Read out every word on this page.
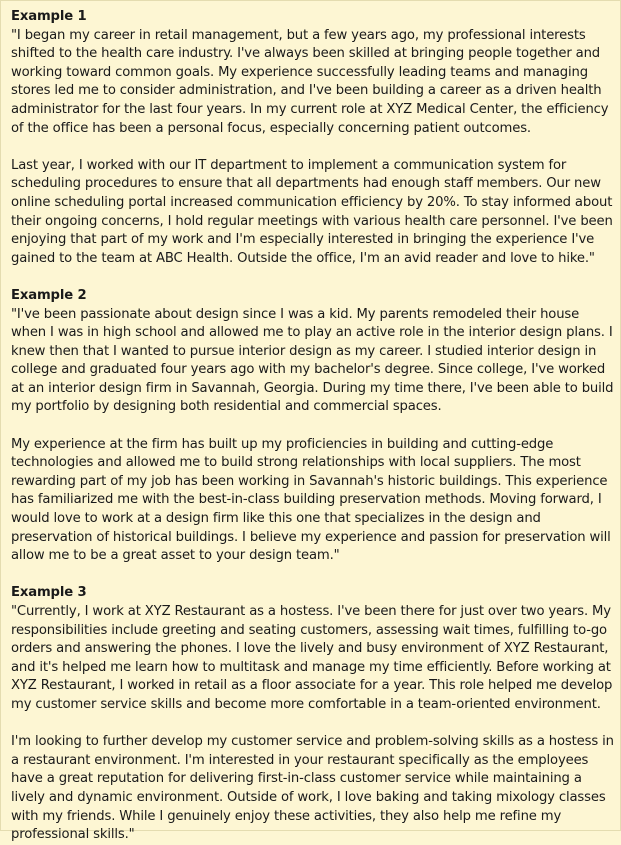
Example 1

"I began my career in retail management, but a few years ago, my professional interests shifted to the health care industry. I've always been skilled at bringing people together and working toward common goals. My experience successfully leading teams and managing stores led me to consider administration, and I've been building a career as a driven health administrator for the last four years. In my current role at XYZ Medical Center, the efficiency of the office has been a personal focus, especially concerning patient outcomes.

Last year, I worked with our IT department to implement a communication system for scheduling procedures to ensure that all departments had enough staff members. Our new online scheduling portal increased communication efficiency by 20%. To stay informed about their ongoing concerns, I hold regular meetings with various health care personnel. I've been enjoying that part of my work and I'm especially interested in bringing the experience I've gained to the team at ABC Health. Outside the office, I'm an avid reader and love to hike."

Example 2

"I've been passionate about design since I was a kid. My parents remodeled their house when I was in high school and allowed me to play an active role in the interior design plans. I knew then that I wanted to pursue interior design as my career. I studied interior design in college and graduated four years ago with my bachelor's degree. Since college, I've worked at an interior design firm in Savannah, Georgia. During my time there, I've been able to build my portfolio by designing both residential and commercial spaces.

My experience at the firm has built up my proficiencies in building and cutting-edge technologies and allowed me to build strong relationships with local suppliers. The most rewarding part of my job has been working in Savannah's historic buildings. This experience has familiarized me with the best-in-class building preservation methods. Moving forward, I would love to work at a design firm like this one that specializes in the design and preservation of historical buildings. I believe my experience and passion for preservation will allow me to be a great asset to your design team."

Example 3

"Currently, I work at XYZ Restaurant as a hostess. I've been there for just over two years. My responsibilities include greeting and seating customers, assessing wait times, fulfilling to-go orders and answering the phones. I love the lively and busy environment of XYZ Restaurant, and it's helped me learn how to multitask and manage my time efficiently. Before working at XYZ Restaurant, I worked in retail as a floor associate for a year. This role helped me develop my customer service skills and become more comfortable in a team-oriented environment.

I'm looking to further develop my customer service and problem-solving skills as a hostess in a restaurant environment. I'm interested in your restaurant specifically as the employees have a great reputation for delivering first-in-class customer service while maintaining a lively and dynamic environment. Outside of work, I love baking and taking mixology classes with my friends. While I genuinely enjoy these activities, they also help me refine my professional skills."
